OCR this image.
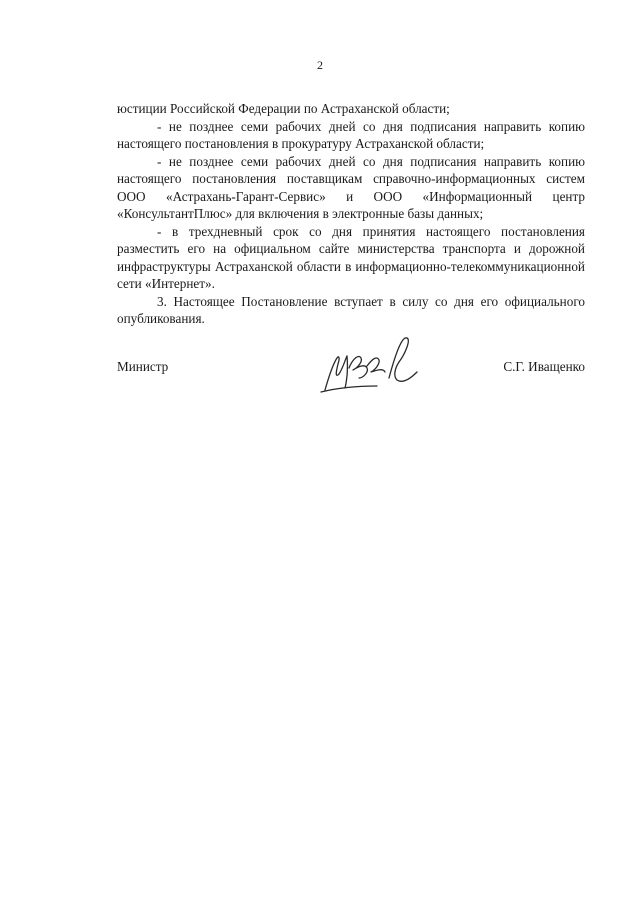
2

юстиции Российской Федерации по Астраханской области;

- не позднее семи рабочих дней со дня подписания направить копию настоящего постановления в прокуратуру Астраханской области;

- не позднее семи рабочих дней со дня подписания направить копию настоящего постановления поставщикам справочно-информационных систем ООО «Астрахань-Гарант-Сервис» и ООО «Информационный центр «КонсультантПлюс» для включения в электронные базы данных;

- в трехдневный срок со дня принятия настоящего постановления разместить его на официальном сайте министерства транспорта и дорожной инфраструктуры Астраханской области в информационно-телекоммуникационной сети «Интернет».

3. Настоящее Постановление вступает в силу со дня его официального опубликования.

Министр	С.Г. Иващенко
